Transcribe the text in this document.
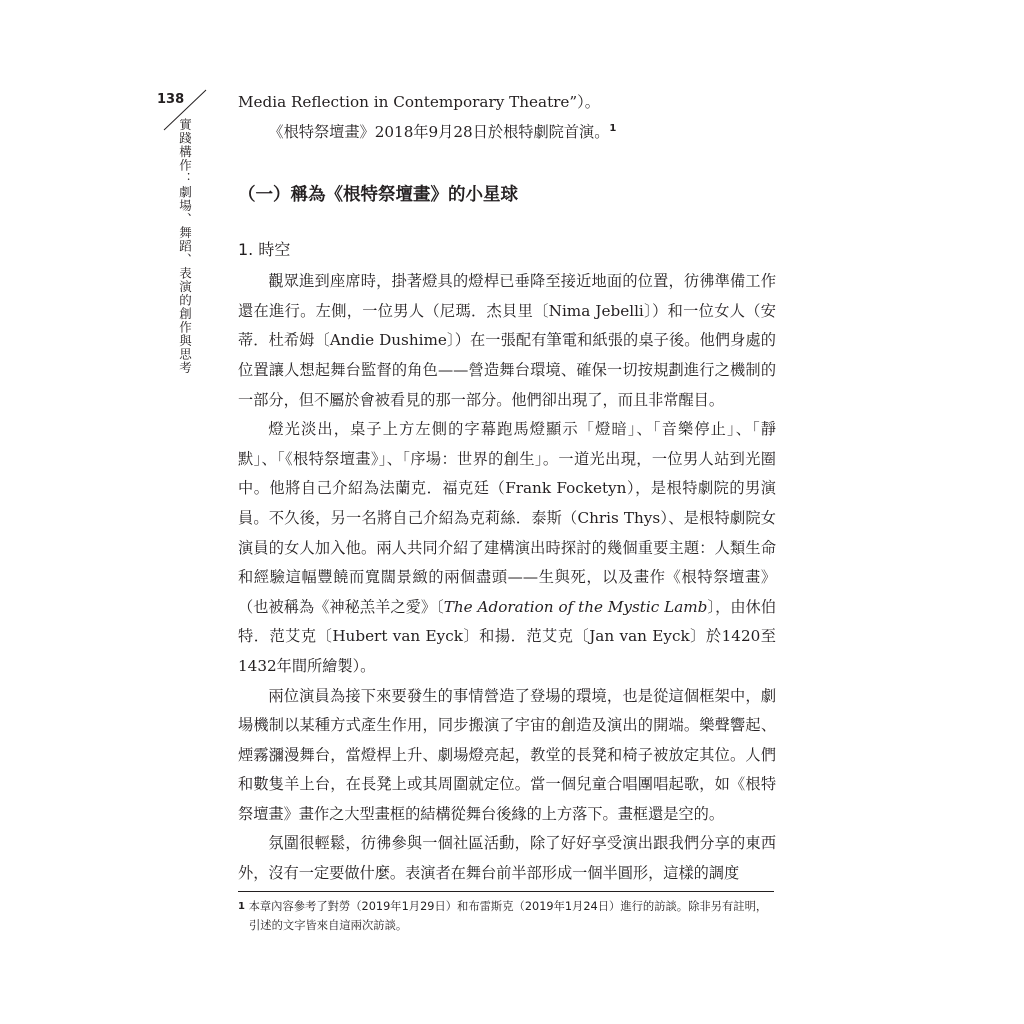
138
實踐構作：劇場、舞蹈、表演的創作與思考

Media Reflection in Contemporary Theatre”）。

《根特祭壇畫》2018年9月28日於根特劇院首演。$^1$

（一）稱為《根特祭壇畫》的小星球
1. 時空

觀眾進到座席時，掛著燈具的燈桿已垂降至接近地面的位置，彷彿準備工作還在進行。左側，一位男人（尼瑪．杰貝里〔Nima Jebelli〕）和一位女人（安蒂．杜希姆〔Andie Dushime〕）在一張配有筆電和紙張的桌子後。他們身處的位置讓人想起舞台監督的角色——營造舞台環境、確保一切按規劃進行之機制的一部分，但不屬於會被看見的那一部分。他們卻出現了，而且非常醒目。

燈光淡出，桌子上方左側的字幕跑馬燈顯示「燈暗」、「音樂停止」、「靜默」、「《根特祭壇畫》」、「序場：世界的創生」。一道光出現，一位男人站到光圈中。他將自己介紹為法蘭克．福克廷（Frank Focketyn），是根特劇院的男演員。不久後，另一名將自己介紹為克莉絲．泰斯（Chris Thys）、是根特劇院女演員的女人加入他。兩人共同介紹了建構演出時探討的幾個重要主題：人類生命和經驗這幅豐饒而寬闊景緻的兩個盡頭——生與死，以及畫作《根特祭壇畫》（也被稱為《神秘羔羊之愛》〔The Adoration of the Mystic Lamb〕，由休伯特．范艾克〔Hubert van Eyck〕和揚．范艾克〔Jan van Eyck〕於1420至1432年間所繪製）。

兩位演員為接下來要發生的事情營造了登場的環境，也是從這個框架中，劇場機制以某種方式產生作用，同步搬演了宇宙的創造及演出的開端。樂聲響起、煙霧瀰漫舞台，當燈桿上升、劇場燈亮起，教堂的長凳和椅子被放定其位。人們和數隻羊上台，在長凳上或其周圍就定位。當一個兒童合唱團唱起歌，如《根特祭壇畫》畫作之大型畫框的結構從舞台後緣的上方落下。畫框還是空的。

氛圍很輕鬆，彷彿參與一個社區活動，除了好好享受演出跟我們分享的東西外，沒有一定要做什麼。表演者在舞台前半部形成一個半圓形，這樣的調度

1 本章內容參考了對勞（2019年1月29日）和布雷斯克（2019年1月24日）進行的訪談。除非另有註明，
引述的文字皆來自這兩次訪談。
